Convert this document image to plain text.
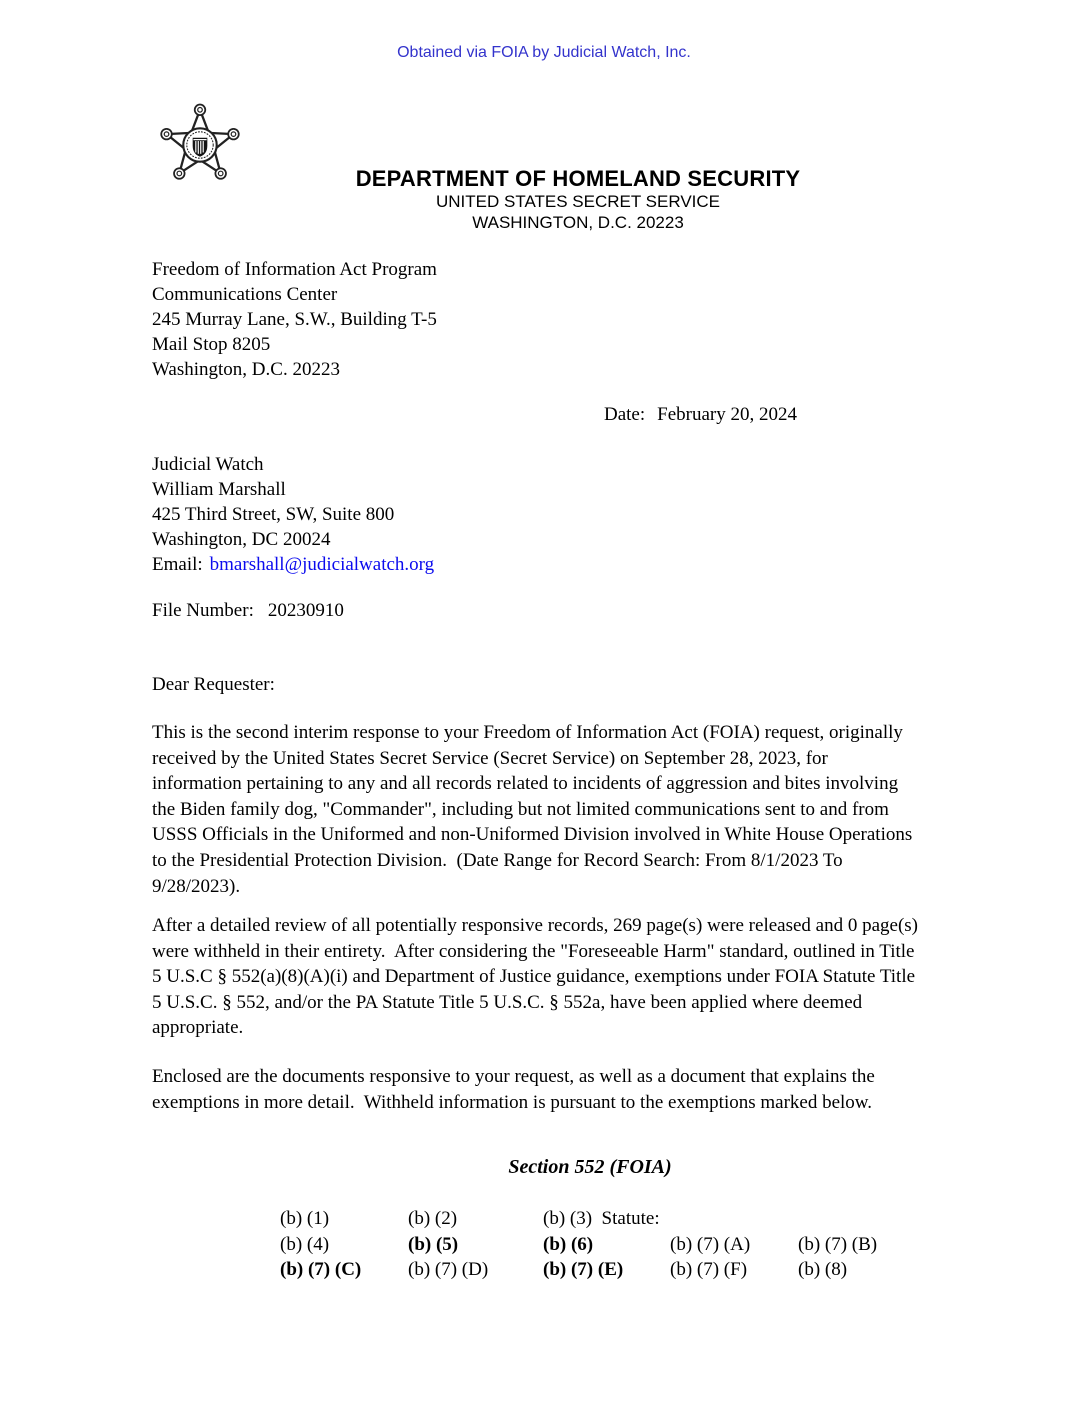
Obtained via FOIA by Judicial Watch, Inc.
DEPARTMENT OF HOMELAND SECURITY
UNITED STATES SECRET SERVICE
WASHINGTON, D.C. 20223
Freedom of Information Act Program
Communications Center
245 Murray Lane, S.W., Building T-5
Mail Stop 8205
Washington, D.C. 20223
Date: February 20, 2024
Judicial Watch
William Marshall
425 Third Street, SW, Suite 800
Washington, DC 20024
Email: bmarshall@judicialwatch.org
File Number: 20230910
Dear Requester:
This is the second interim response to your Freedom of Information Act (FOIA) request, originally
received by the United States Secret Service (Secret Service) on September 28, 2023, for
information pertaining to any and all records related to incidents of aggression and bites involving
the Biden family dog, "Commander", including but not limited communications sent to and from
USSS Officials in the Uniformed and non-Uniformed Division involved in White House Operations
to the Presidential Protection Division.  (Date Range for Record Search: From 8/1/2023 To
9/28/2023).
After a detailed review of all potentially responsive records, 269 page(s) were released and 0 page(s)
were withheld in their entirety.  After considering the "Foreseeable Harm" standard, outlined in Title
5 U.S.C § 552(a)(8)(A)(i) and Department of Justice guidance, exemptions under FOIA Statute Title
5 U.S.C. § 552, and/or the PA Statute Title 5 U.S.C. § 552a, have been applied where deemed
appropriate.
Enclosed are the documents responsive to your request, as well as a document that explains the
exemptions in more detail.  Withheld information is pursuant to the exemptions marked below.
Section 552 (FOIA)
(b) (1)	(b) (2)	(b) (3)  Statute:
(b) (4)	(b) (5)	(b) (6)	(b) (7) (A)	(b) (7) (B)
(b) (7) (C)	(b) (7) (D)	(b) (7) (E)	(b) (7) (F)	(b) (8)
